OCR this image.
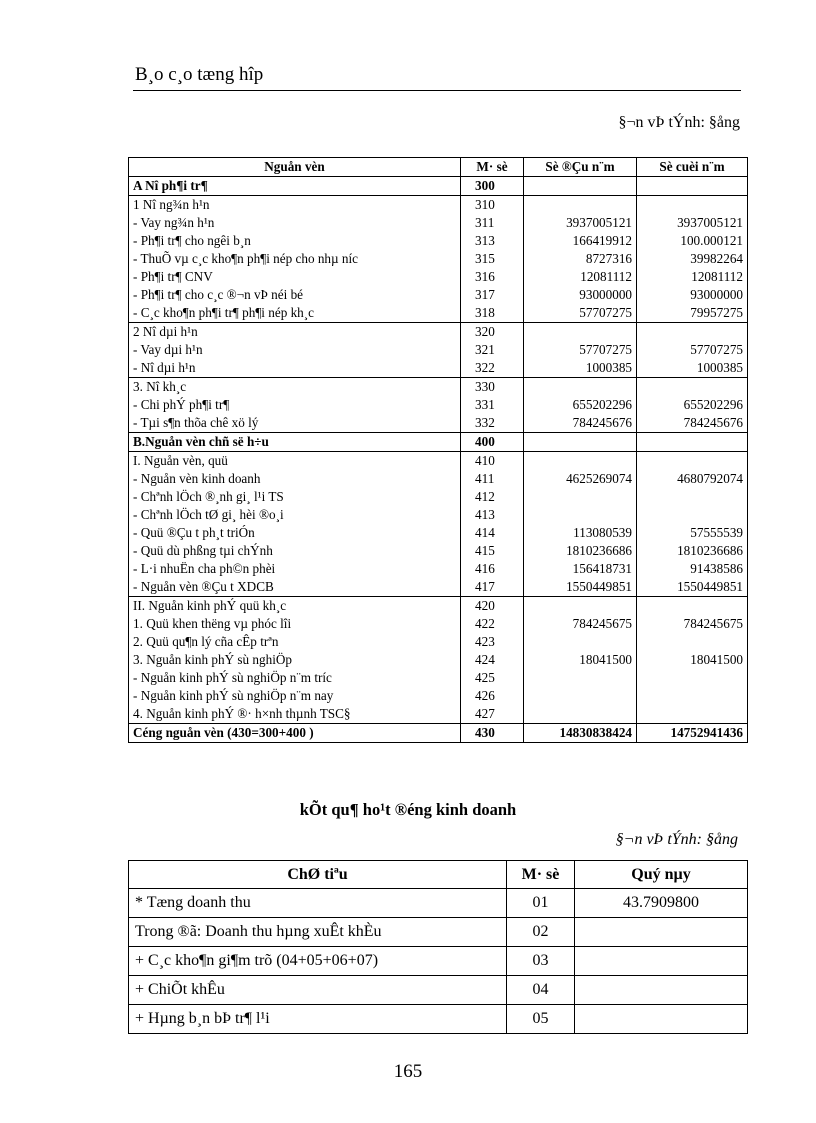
B¸o c¸o tæng hîp
§¬n vÞ tÝnh: §ång
Nguån vèn	M· sè	Sè ®Çu n¨m	Sè cuèi n¨m
A Nî ph¶i tr¶	300		
1 Nî ng¾n h¹n	310		
- Vay ng¾n h¹n	311	3937005121	3937005121
- Ph¶i tr¶ cho ngêi b¸n	313	166419912	100.000121
- ThuÕ vµ c¸c kho¶n ph¶i nép cho nhµ níc	315	8727316	39982264
- Ph¶i tr¶ CNV	316	12081112	12081112
- Ph¶i tr¶ cho c¸c ®¬n vÞ néi bé	317	93000000	93000000
- C¸c kho¶n ph¶i tr¶ ph¶i nép kh¸c	318	57707275	79957275
2 Nî dµi h¹n	320		
- Vay dµi h¹n	321	57707275	57707275
- Nî dµi h¹n	322	1000385	1000385
3. Nî kh¸c	330		
- Chi phÝ ph¶i tr¶	331	655202296	655202296
- Tµi s¶n thõa chê xö lý	332	784245676	784245676
B.Nguån vèn chñ së h÷u	400		
I. Nguån vèn, quü	410		
- Nguån vèn kinh doanh	411	4625269074	4680792074
- Chªnh lÖch ®¸nh gi¸ l¹i TS	412		
- Chªnh lÖch tØ gi¸ hèi ®o¸i	413		
- Quü ®Çu t ph¸t triÓn	414	113080539	57555539
- Quü dù phßng tµi chÝnh	415	1810236686	1810236686
- L·i nhuËn cha ph©n phèi	416	156418731	91438586
- Nguån vèn ®Çu t XDCB	417	1550449851	1550449851
II. Nguån kinh phÝ quü kh¸c	420		
1. Quü khen thëng vµ phóc lîi	422	784245675	784245675
2. Quü qu¶n lý cña cÊp trªn	423		
3. Nguån kinh phÝ sù nghiÖp	424	18041500	18041500
- Nguån kinh phÝ sù nghiÖp n¨m tríc	425		
- Nguån kinh phÝ sù nghiÖp n¨m nay	426		
4. Nguån kinh phÝ ®· h×nh thµnh TSC§	427		
Céng nguån vèn (430=300+400 )	430	14830838424	14752941436
kÕt qu¶ ho¹t ®éng kinh doanh
§¬n vÞ tÝnh: §ång
ChØ tiªu	M· sè	Quý nµy
* Tæng doanh thu	01	43.7909800
Trong ®ã: Doanh thu hµng xuÊt khÈu	02	
+ C¸c kho¶n gi¶m trõ (04+05+06+07)	03	
+ ChiÕt khÊu	04	
+ Hµng b¸n bÞ tr¶ l¹i	05	
165
